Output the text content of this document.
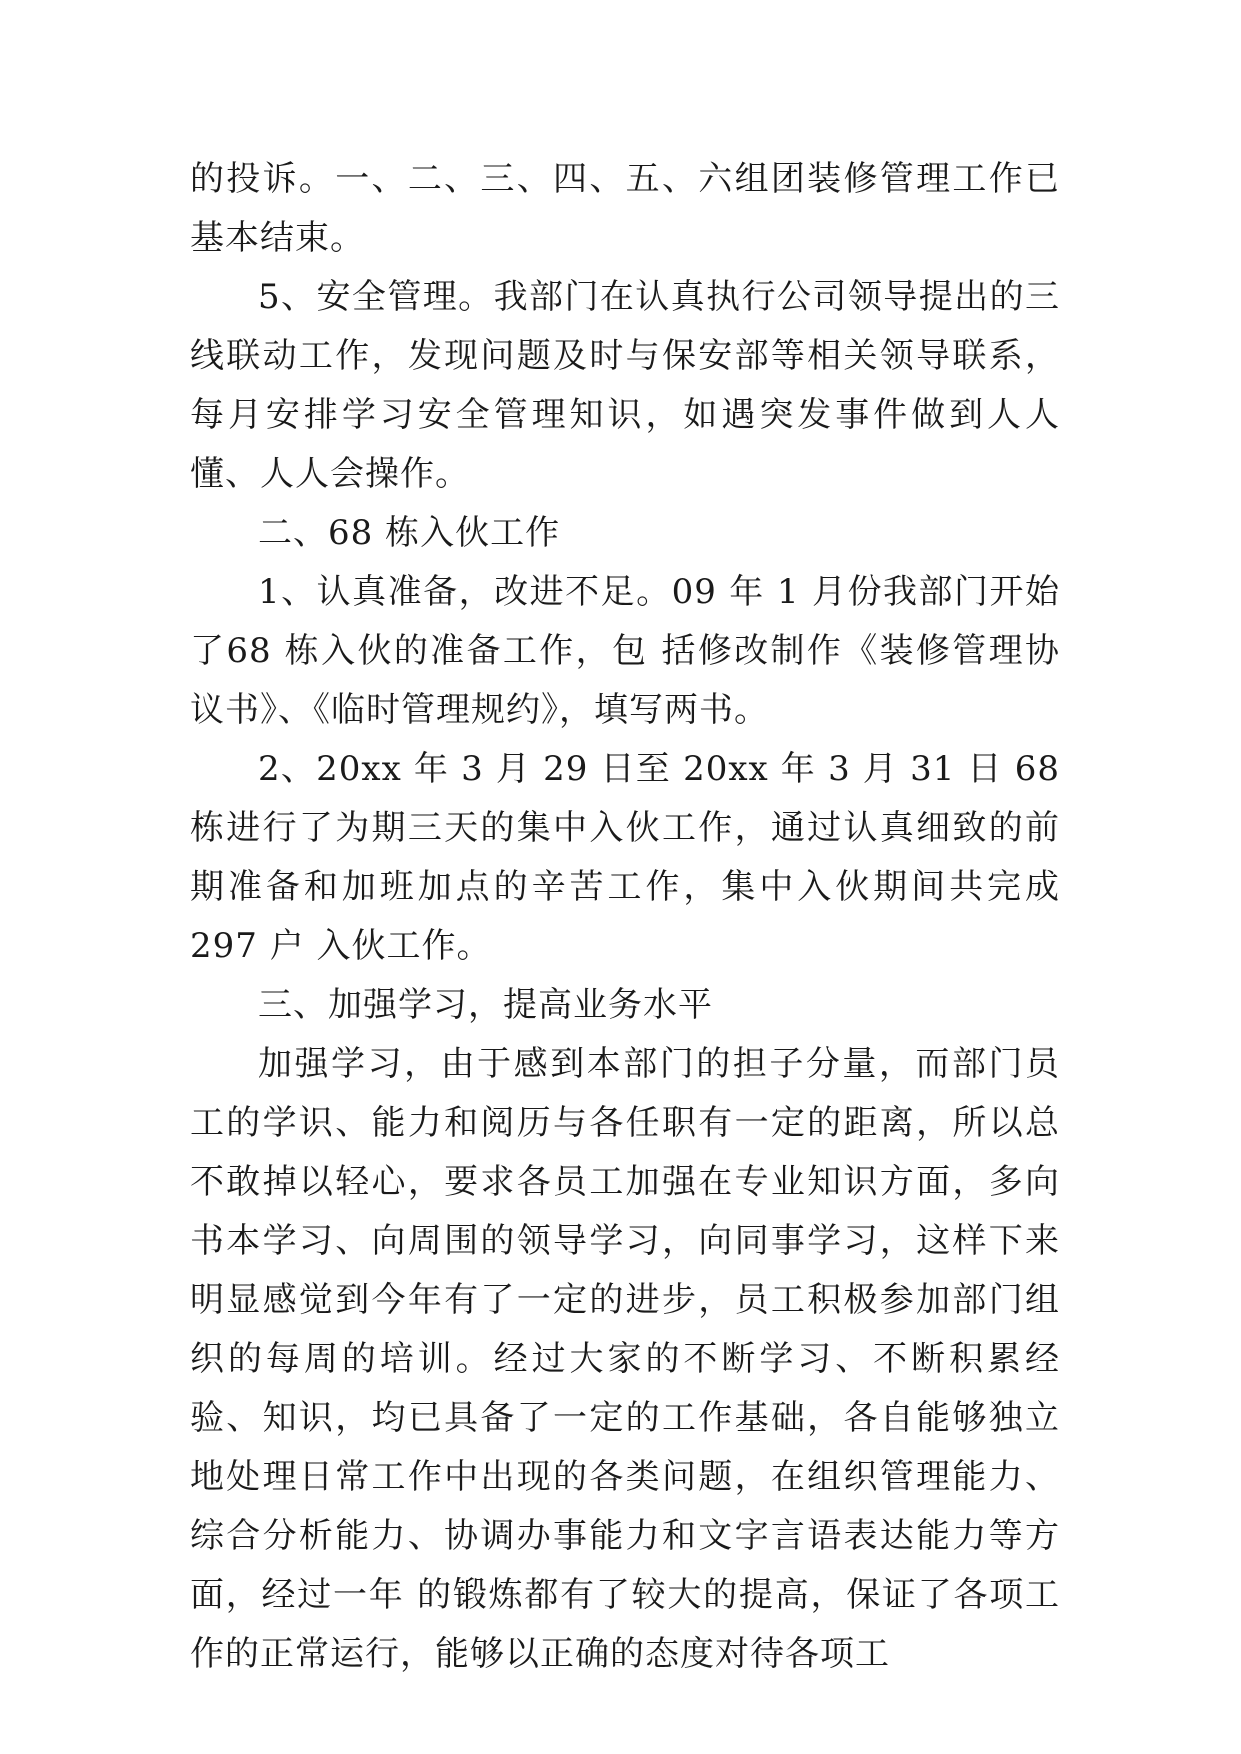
的投诉。一、二、三、四、五、六组团装修管理工作已基本结束。

5、安全管理。我部门在认真执行公司领导提出的三线联动工作，发现问题及时与保安部等相关领导联系，每月安排学习安全管理知识，如遇突发事件做到人人懂、人人会操作。

二、68 栋入伙工作

1、认真准备，改进不足。09 年 1 月份我部门开始了68 栋入伙的准备工作，包 括修改制作《装修管理协议书》、《临时管理规约》，填写两书。

2、20xx 年 3 月 29 日至 20xx 年 3 月 31 日 68 栋进行了为期三天的集中入伙工作，通过认真细致的前期准备和加班加点的辛苦工作，集中入伙期间共完成 297 户 入伙工作。

三、加强学习，提高业务水平

加强学习，由于感到本部门的担子分量，而部门员工的学识、能力和阅历与各任职有一定的距离，所以总不敢掉以轻心，要求各员工加强在专业知识方面，多向书本学习、向周围的领导学习，向同事学习，这样下来明显感觉到今年有了一定的进步，员工积极参加部门组织的每周的培训。经过大家的不断学习、不断积累经验、知识，均已具备了一定的工作基础，各自能够独立地处理日常工作中出现的各类问题，在组织管理能力、综合分析能力、协调办事能力和文字言语表达能力等方面，经过一年 的锻炼都有了较大的提高，保证了各项工作的正常运行，能够以正确的态度对待各项工
